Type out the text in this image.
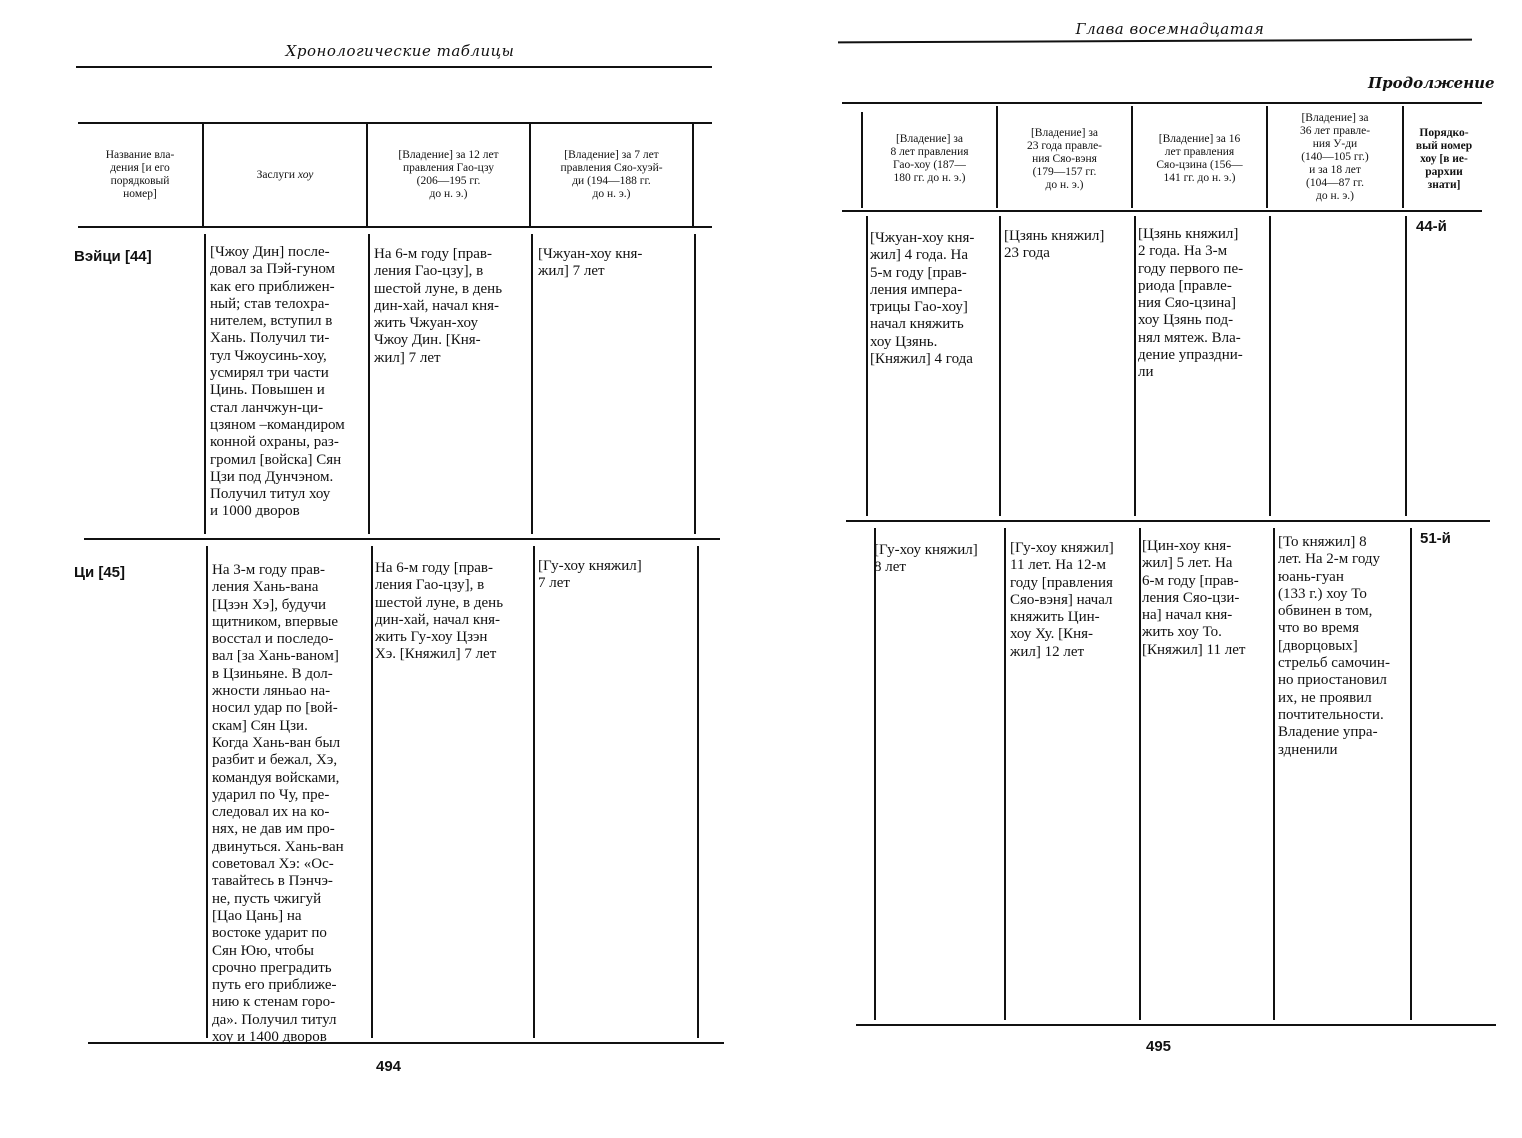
Хронологические таблицы
Название вла-
дения [и его
порядковый
номер]
Заслуги хоу
[Владение] за 12 лет
правления Гао-цзу
(206—195 гг.
до н. э.)
[Владение] за 7 лет
правления Сяо-хуэй-
ди (194—188 гг.
до н. э.)
Вэйци [44]	[Чжоу Дин] после-
довал за Пэй-гуном
как его приближен-
ный; став телохра-
нителем, вступил в
Хань. Получил ти-
тул Чжоусинь-хоу,
усмирял три части
Цинь. Повышен и
стал ланчжун-ци-
цзяном –командиром
конной охраны, раз-
громил [войска] Сян
Цзи под Дунчэном.
Получил титул хоу
и 1000 дворов
На 6-м году [прав-
ления Гао-цзу], в
шестой луне, в день
дин-хай, начал кня-
жить Чжуан-хоу
Чжоу Дин. [Кня-
жил] 7 лет
[Чжуан-хоу кня-
жил] 7 лет
Ци [45]	На 3-м году прав-
ления Хань-вана
[Цзэн Хэ], будучи
щитником, впервые
восстал и последо-
вал [за Хань-ваном]
в Цзиньяне. В дол-
жности ляньао на-
носил удар по [вой-
скам] Сян Цзи.
Когда Хань-ван был
разбит и бежал, Хэ,
командуя войсками,
ударил по Чу, пре-
следовал их на ко-
нях, не дав им про-
двинуться. Хань-ван
советовал Хэ: «Ос-
тавайтесь в Пэнчэ-
не, пусть чжигуй
[Цао Цань] на
востоке ударит по
Сян Юю, чтобы
срочно преградить
путь его приближе-
нию к стенам горо-
да». Получил титул
хоу и 1400 дворов
На 6-м году [прав-
ления Гао-цзу], в
шестой луне, в день
дин-хай, начал кня-
жить Гу-хоу Цзэн
Хэ. [Княжил] 7 лет
[Гу-хоу княжил]
7 лет
494
Глава восемнадцатая
Продолжение
[Владение] за
8 лет правления
Гао-хоу (187—
180 гг. до н. э.)
[Владение] за
23 года правле-
ния Сяо-вэня
(179—157 гг.
до н. э.)
[Владение] за 16
лет правления
Сяо-цзина (156—
141 гг. до н. э.)
[Владение] за
36 лет правле-
ния У-ди
(140—105 гг.)
и за 18 лет
(104—87 гг.
до н. э.)
Порядко-
вый номер
хоу [в ие-
рархии
знати]
[Чжуан-хоу кня-
жил] 4 года. На
5-м году [прав-
ления импера-
трицы Гао-хоу]
начал княжить
хоу Цзянь.
[Княжил] 4 года
[Цзянь княжил]
23 года
[Цзянь княжил]
2 года. На 3-м
году первого пе-
риода [правле-
ния Сяо-цзина]
хоу Цзянь под-
нял мятеж. Вла-
дение упраздни-
ли
44-й
[Гу-хоу княжил]
8 лет
[Гу-хоу княжил]
11 лет. На 12-м
году [правления
Сяо-вэня] начал
княжить Цин-
хоу Ху. [Кня-
жил] 12 лет
[Цин-хоу кня-
жил] 5 лет. На
6-м году [прав-
ления Сяо-цзи-
на] начал кня-
жить хоу То.
[Княжил] 11 лет
[То княжил] 8
лет. На 2-м году
юань-гуан
(133 г.) хоу То
обвинен в том,
что во время
[дворцовых]
стрельб самочин-
но приостановил
их, не проявил
почтительности.
Владение упра-
здненили
51-й
495
